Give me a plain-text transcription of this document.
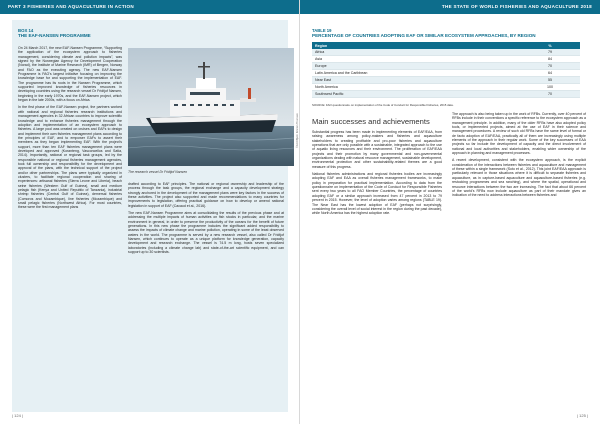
PART 3 FISHERIES AND AQUACULTURE IN ACTION
BOX 14
THE EAF-NANSEN PROGRAMME

On 24 March 2017, the new EAF-Nansen Programme, “Supporting the application of the ecosystem approach to fisheries management, considering climate and pollution impacts”, was signed by the Norwegian Agency for Development Cooperation (Norad), the Institute of Marine Research (IMR) of Bergen, Norway and FAO as the executing agency. The new EAF-Nansen Programme is FAO's largest initiative focusing on improving the knowledge base for and supporting the implementation of EAF. The programme has its roots in the Nansen Programme, which supported improved knowledge of fisheries resources in developing countries using the research vessel Dr Fridtjof Nansen, beginning in the early 1970s, and the EAF-Nansen project, which began in the late 2000s, with a focus on Africa.

In the first phase of the EAF-Nansen project, the partners worked with national and regional fisheries research institutions and management agencies in 32 African countries to improve scientific knowledge and to enhance fisheries management through the adoption and implementation of an ecosystem approach to fisheries. A large pool was created on cruises and EAFs to design and implement their own fisheries management plans according to the principles of EAF, and to empower EAFs to assert their members as they began implementing EAF. With the project's support, more than ten EAF fisheries management plans were developed and approved (Koranteng, Vasconcellos and Satia, 2014). Importantly, national or regional task groups, led by the responsible national or regional fisheries management agencies, took full ownership and responsibility for the development and approval of the plans, with the technical support of the project and/or other partnerships. The plans were typically organized in clusters, to facilitate regional cooperation and sharing of experiences: artisanal fisheries (Sierra Leone and Liberia), beach seine fisheries (Western Gulf of Guinea), small and medium pelagic fish (Kenya and United Republic of Tanzania), industrial shrimp fisheries (Central Gulf of Guinea), demersal fisheries (Comoros and Mozambique), line fisheries (Mozambique) and small pelagic fisheries (Northwest Africa). For most countries, these were the first management plans

©FAO/Bjørn Kristian Thomsen
The research vessel Dr Fridtjof Nansen

drafted according to EAF principles. The national or regional ownership and leadership of the process through the task groups, the regional exchange and a capacity development strategy strongly anchored in the development of the management plans were key factors in the success of these activities. The project also supported and made recommendations to many countries for improvements to legislation, offering practical guidance on how to develop or amend national legislation in support of EAF (Cacaud et al., 2016).

The new EAF-Nansen Programme aims at consolidating the results of the previous phase and at addressing the multiple impacts of human activities on fish stocks in particular, and the marine environment in general, in order to preserve the productivity of the oceans for the benefit of future generations. In this new phase the programme includes the significant added responsibility to assess the impacts of climate change and marine pollution, operating in some of the least observed waters in the world. The programme is served by a new research vessel, also called Dr Fridtjof Nansen, which continues to operate as a unique platform for knowledge generation, capacity development and research exchange. The vessel is 74.5 m long, hosts seven specialized laboratories (including a climate change lab) and state-of-the-art scientific equipment, and can support up to 30 scientists.

| 124 |
THE STATE OF WORLD FISHERIES AND AQUACULTURE 2018
TABLE 19
PERCENTAGE OF COUNTRIES ADOPTING EAF OR SIMILAR ECOSYSTEM APPROACHES, BY REGION
Region	%
Africa	79
Asia	84
Europe	70
Latin America and the Caribbean	64
Near East	55
North America	100
Southwest Pacific	70
SOURCE: FAO questionnaire on implementation of the Code of Conduct for Responsible Fisheries, 2015 data.
Main successes and achievements

Substantial progress has been made in implementing elements of EAF/EAA, from raising awareness among policy-makers and fisheries and aquaculture stakeholders to creating profitable and pro-poor fisheries and aquaculture operations that are only possible with a sustainable, integrated approach to the use of aquatic living resources and their environment. The proliferation of EAF/EAA projects and their promotion by many governmental and non-governmental organizations dealing with natural resource management, sustainable development, environmental protection and other sustainability-related themes are a good measure of this progress.

National fisheries administrations and regional fisheries bodies are increasingly adopting EAF and EAA as overall fisheries management frameworks, to make policy in preparation for practical implementation. According to data from the questionnaire on implementation of the Code of Conduct for Responsible Fisheries sent every two years to all FAO Member Countries, the percentage of countries adopting EAF or a similar approach increased from 47 percent in 2013 to 79 percent in 2015. However, the level of adoption varies among regions (TABLE 19). The Near East has the lowest adoption of EAF (perhaps not surprisingly, considering the overall level of social interest in the region during the past decade), while North America has the highest adoption rate.

The approach is also being taken up in the work of RFBs. Currently, over 40 percent of RFBs include in their conventions a specific reference to the ecosystem approach as a management principle. In addition, many of the older RFBs have also adopted policy tools, or implemented projects, aimed at the use of EAF in their science and management procedures. A review of such old RFBs have the same level of formal or de facto adoption of EAF/EAA, practically all of them are increasingly using multiple elements of the approach in their regular work. Some of the key successes of EAA projects so far include the development of capacity and the direct involvement of national and local authorities and stakeholders, enabling wider ownership of the approach in planning and management processes.

A recent development, consistent with the ecosystem approach, is the explicit consideration of the interactions between fisheries and aquaculture and management of these within a single framework (Soto et al., 2012). This joint EAF/EAA approach is particularly relevant in those situations where it is difficult to separate fisheries and aquaculture, as in capture-based aquaculture and aquaculture-based fisheries (e.g. restocking programmes and sea ranching), and where the spatial, operational and resource interactions between the two are increasing. The fact that about 66 percent of the world's RFBs now include aquaculture as part of their mandate gives an indication of the need to address interactions between fisheries and

| 125 |
